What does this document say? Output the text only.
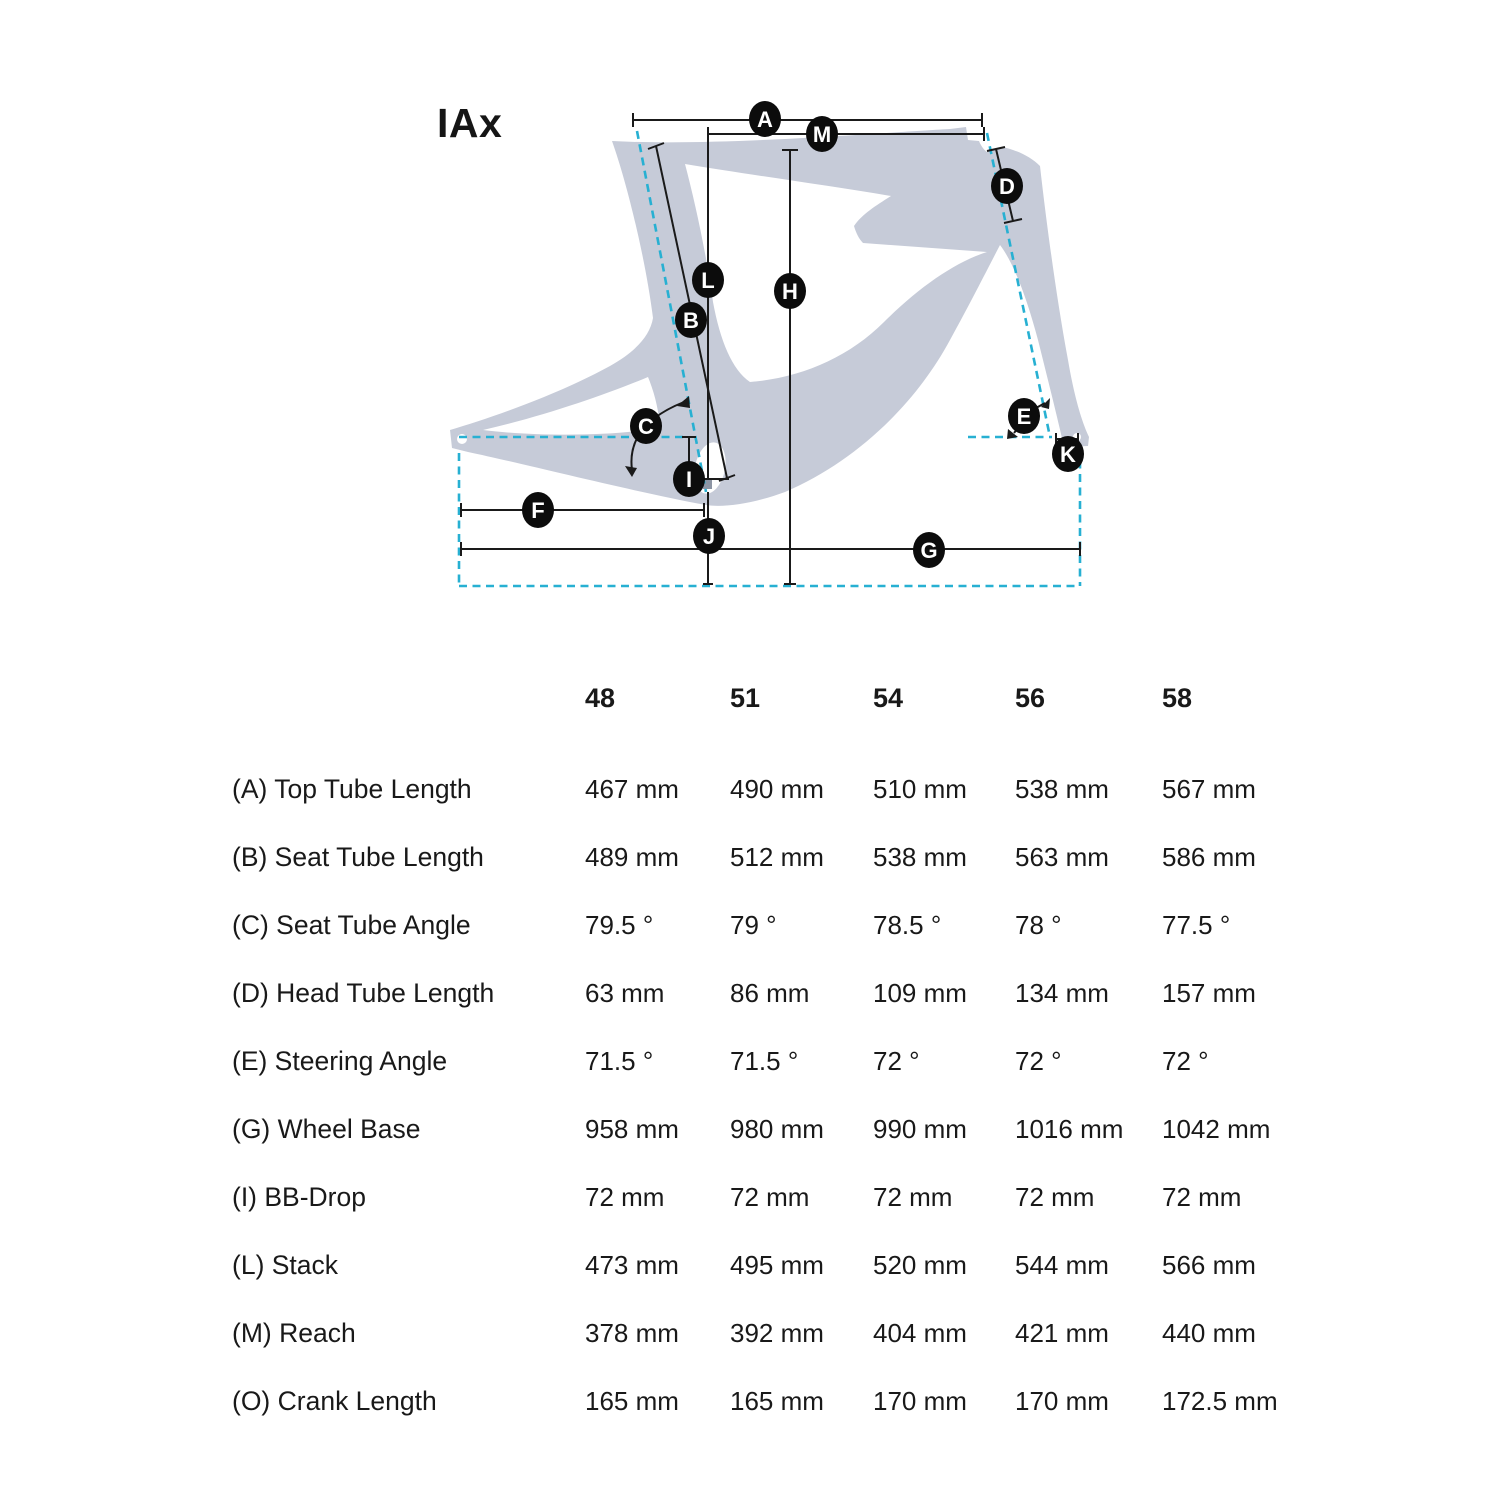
IAx	A
M
D
L	H
B
C	E
K
I
F
J
G
48	51	54	56	58
(A) Top Tube Length	467 mm	490 mm	510 mm	538 mm	567 mm
(B) Seat Tube Length	489 mm	512 mm	538 mm	563 mm	586 mm
(C) Seat Tube Angle	79.5 °	79 °	78.5 °	78 °	77.5 °
(D) Head Tube Length	63 mm	86 mm	109 mm	134 mm	157 mm
(E) Steering Angle	71.5 °	71.5 °	72 °	72 °	72 °
(G) Wheel Base	958 mm	980 mm	990 mm	1016 mm	1042 mm
(I) BB-Drop	72 mm	72 mm	72 mm	72 mm	72 mm
(L) Stack	473 mm	495 mm	520 mm	544 mm	566 mm
(M) Reach	378 mm	392 mm	404 mm	421 mm	440 mm
(O) Crank Length	165 mm	165 mm	170 mm	170 mm	172.5 mm
